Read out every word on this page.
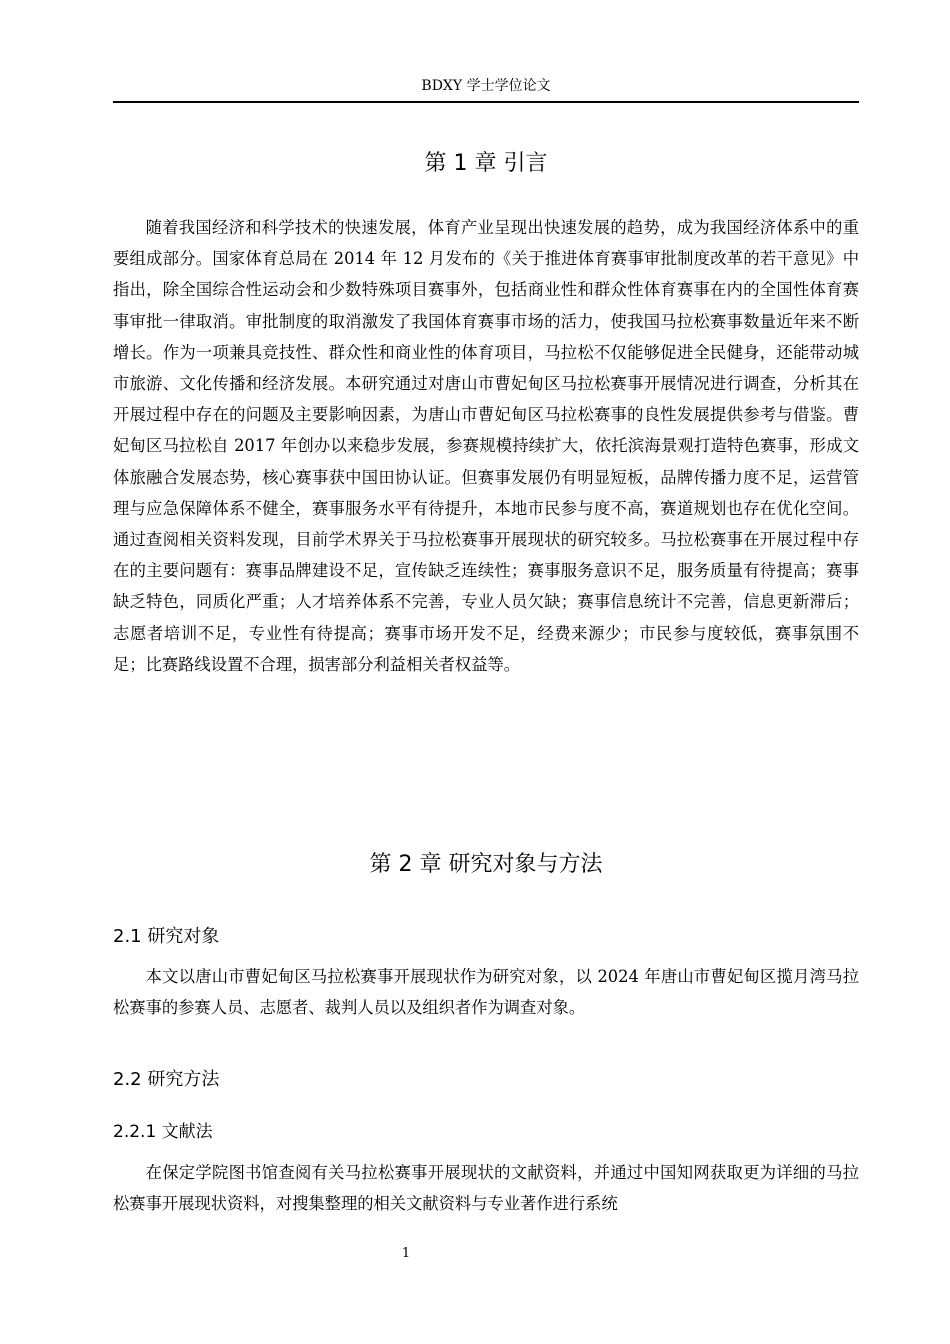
BDXY 学士学位论文
第 1 章 引言

随着我国经济和科学技术的快速发展，体育产业呈现出快速发展的趋势，成为我国经济体系中的重要组成部分。国家体育总局在 2014 年 12 月发布的《关于推进体育赛事审批制度改革的若干意见》中指出，除全国综合性运动会和少数特殊项目赛事外，包括商业性和群众性体育赛事在内的全国性体育赛事审批一律取消。审批制度的取消激发了我国体育赛事市场的活力，使我国马拉松赛事数量近年来不断增长。作为一项兼具竞技性、群众性和商业性的体育项目，马拉松不仅能够促进全民健身，还能带动城市旅游、文化传播和经济发展。本研究通过对唐山市曹妃甸区马拉松赛事开展情况进行调查，分析其在开展过程中存在的问题及主要影响因素，为唐山市曹妃甸区马拉松赛事的良性发展提供参考与借鉴。曹妃甸区马拉松自 2017 年创办以来稳步发展，参赛规模持续扩大，依托滨海景观打造特色赛事，形成文体旅融合发展态势，核心赛事获中国田协认证。但赛事发展仍有明显短板，品牌传播力度不足，运营管理与应急保障体系不健全，赛事服务水平有待提升，本地市民参与度不高，赛道规划也存在优化空间。通过查阅相关资料发现，目前学术界关于马拉松赛事开展现状的研究较多。马拉松赛事在开展过程中存在的主要问题有：赛事品牌建设不足，宣传缺乏连续性；赛事服务意识不足，服务质量有待提高；赛事缺乏特色，同质化严重；人才培养体系不完善，专业人员欠缺；赛事信息统计不完善，信息更新滞后；志愿者培训不足，专业性有待提高；赛事市场开发不足，经费来源少；市民参与度较低，赛事氛围不足；比赛路线设置不合理，损害部分利益相关者权益等。

第 2 章 研究对象与方法
2.1 研究对象

本文以唐山市曹妃甸区马拉松赛事开展现状作为研究对象，以 2024 年唐山市曹妃甸区揽月湾马拉松赛事的参赛人员、志愿者、裁判人员以及组织者作为调查对象。

2.2 研究方法
2.2.1 文献法

在保定学院图书馆查阅有关马拉松赛事开展现状的文献资料，并通过中国知网获取更为详细的马拉松赛事开展现状资料，对搜集整理的相关文献资料与专业著作进行系统

1
